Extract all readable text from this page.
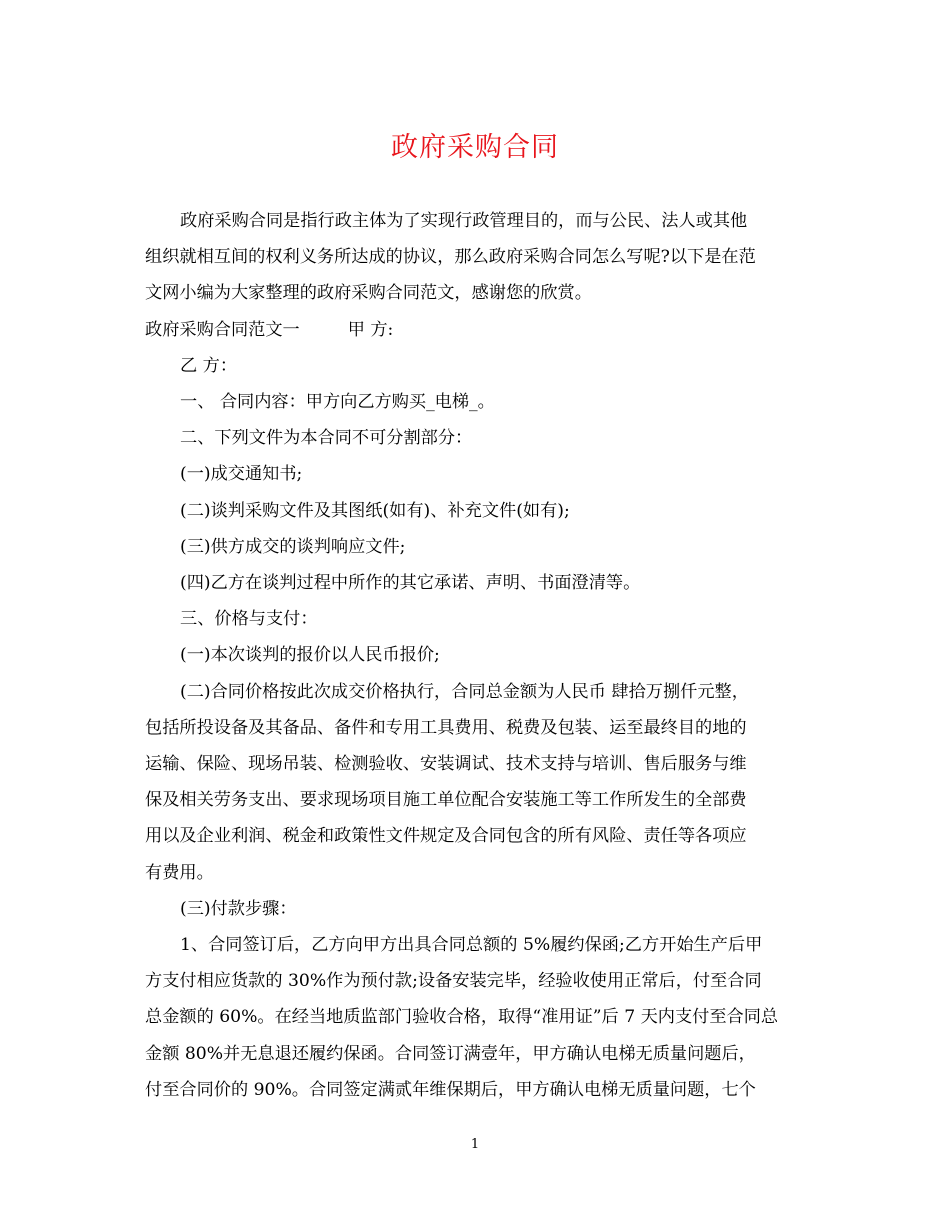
政府采购合同

政府采购合同是指行政主体为了实现行政管理目的，而与公民、法人或其他

组织就相互间的权利义务所达成的协议，那么政府采购合同怎么写呢?以下是在范

文网小编为大家整理的政府采购合同范文，感谢您的欣赏。

政府采购合同范文一	甲 方:

乙 方：

一、 合同内容：甲方向乙方购买_电梯_。

二、下列文件为本合同不可分割部分：

(一)成交通知书;

(二)谈判采购文件及其图纸(如有)、补充文件(如有);

(三)供方成交的谈判响应文件;

(四)乙方在谈判过程中所作的其它承诺、声明、书面澄清等。

三、价格与支付：

(一)本次谈判的报价以人民币报价;

(二)合同价格按此次成交价格执行，合同总金额为人民币 肆拾万捌仟元整，

包括所投设备及其备品、备件和专用工具费用、税费及包装、运至最终目的地的

运输、保险、现场吊装、检测验收、安装调试、技术支持与培训、售后服务与维

保及相关劳务支出、要求现场项目施工单位配合安装施工等工作所发生的全部费

用以及企业利润、税金和政策性文件规定及合同包含的所有风险、责任等各项应

有费用。

(三)付款步骤：

1、合同签订后，乙方向甲方出具合同总额的 5%履约保函;乙方开始生产后甲

方支付相应货款的 30%作为预付款;设备安装完毕，经验收使用正常后，付至合同

总金额的 60%。在经当地质监部门验收合格，取得“准用证”后 7 天内支付至合同总

金额 80%并无息退还履约保函。合同签订满壹年，甲方确认电梯无质量问题后，

付至合同价的 90%。合同签定满贰年维保期后，甲方确认电梯无质量问题，七个

1
